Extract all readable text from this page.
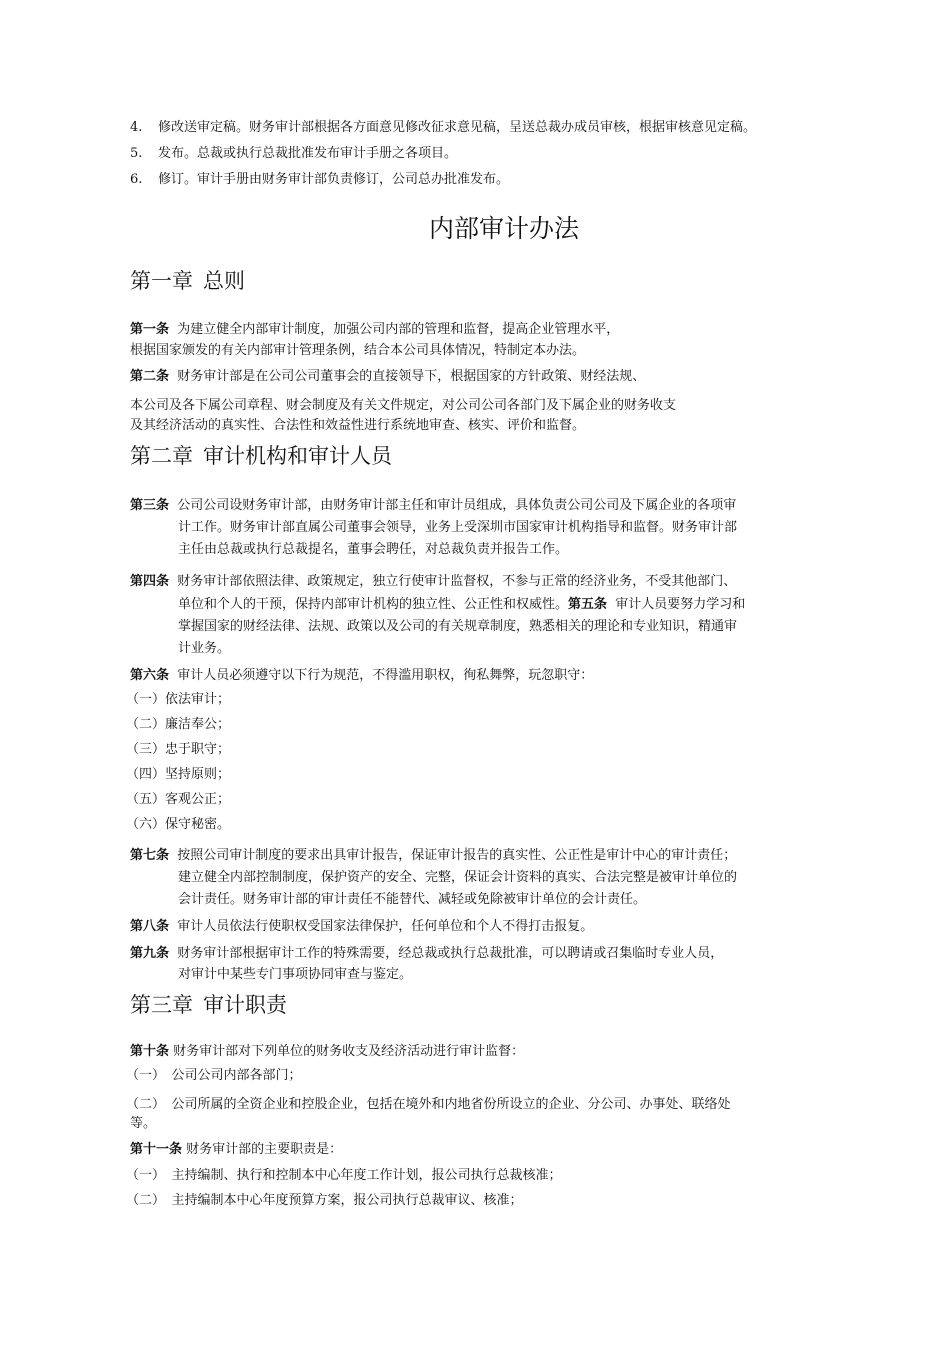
4. 修改送审定稿。财务审计部根据各方面意见修改征求意见稿，呈送总裁办成员审核，根据审核意见定稿。
5. 发布。总裁或执行总裁批准发布审计手册之各项目。
6. 修订。审计手册由财务审计部负责修订，公司总办批准发布。
内部审计办法
第一章 总则
第一条 为建立健全内部审计制度，加强公司内部的管理和监督，提高企业管理水平，
根据国家颁发的有关内部审计管理条例，结合本公司具体情况，特制定本办法。
第二条 财务审计部是在公司公司董事会的直接领导下，根据国家的方针政策、财经法规、
本公司及各下属公司章程、财会制度及有关文件规定，对公司公司各部门及下属企业的财务收支
及其经济活动的真实性、合法性和效益性进行系统地审查、核实、评价和监督。
第二章 审计机构和审计人员
第三条 公司公司设财务审计部，由财务审计部主任和审计员组成，具体负责公司公司及下属企业的各项审
计工作。财务审计部直属公司董事会领导，业务上受深圳市国家审计机构指导和监督。财务审计部
主任由总裁或执行总裁提名，董事会聘任，对总裁负责并报告工作。
第四条 财务审计部依照法律、政策规定，独立行使审计监督权，不参与正常的经济业务，不受其他部门、
单位和个人的干预，保持内部审计机构的独立性、公正性和权威性。第五条 审计人员要努力学习和
掌握国家的财经法律、法规、政策以及公司的有关规章制度，熟悉相关的理论和专业知识，精通审
计业务。
第六条 审计人员必须遵守以下行为规范，不得滥用职权，徇私舞弊，玩忽职守：
（一）依法审计；
（二）廉洁奉公；
（三）忠于职守；
（四）坚持原则；
（五）客观公正；
（六）保守秘密。
第七条 按照公司审计制度的要求出具审计报告，保证审计报告的真实性、公正性是审计中心的审计责任；
建立健全内部控制制度，保护资产的安全、完整，保证会计资料的真实、合法完整是被审计单位的
会计责任。财务审计部的审计责任不能替代、减轻或免除被审计单位的会计责任。
第八条 审计人员依法行使职权受国家法律保护，任何单位和个人不得打击报复。
第九条 财务审计部根据审计工作的特殊需要，经总裁或执行总裁批准，可以聘请或召集临时专业人员，
对审计中某些专门事项协同审查与鉴定。
第三章 审计职责
第十条 财务审计部对下列单位的财务收支及经济活动进行审计监督：
（一）　公司公司内部各部门；
（二）　公司所属的全资企业和控股企业，包括在境外和内地省份所设立的企业、分公司、办事处、联络处
等。
第十一条 财务审计部的主要职责是：
（一）　主持编制、执行和控制本中心年度工作计划，报公司执行总裁核准；
（二）　主持编制本中心年度预算方案，报公司执行总裁审议、核准；
